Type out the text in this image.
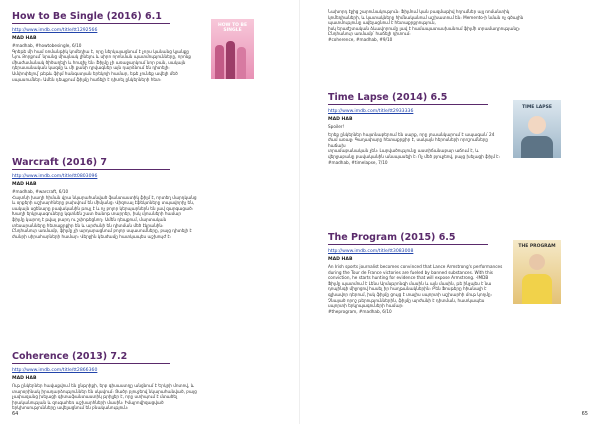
How to Be Single (2016) 6.1
http://www.imdb.com/title/tt1292566
MAD HAB

#madhab, #howtobesingle, 6/10

Գրեթե մի համ ռոմանթիկ կոմեդիա է, որը ներկայացնում է չորս կանանց կյանքը Նյու Յորքում՝ նրանց միայնակ լինելու և սիրո որոնման պատմությունները, որոնք

միաժամանակ ծիծաղելի և հուզիչ են։ Ֆիլմը չի առաջարկում նոր բան, սակայն դերասանական կազմը և մի քանի դրվագներ այն դարձնում են դիտելի։

Ամփոփելով՝ թեթև ֆիլմ հանգստյան երեկոյի համար, եթե չունեք ավելի մեծ սպասումներ։ Ամեն դեպքում ֆիլմը հաճելի է դիտել ընկերների հետ։

HOW TO BE SINGLE
Warcraft (2016) 7
http://www.imdb.com/title/tt0803096
MAD HAB

#madhab, #warcraft, 6/10

Հայտնի խաղի հիման վրա նկարահանված ֆանտաստիկ ֆիլմ է, որտեղ մարդկանց և օրքերի աշխարհները բախվում են միմյանց։ Վիզուալ էֆեկտները տպավորիչ են,

սակայն սցենարը բավականին թույլ է և ոչ բոլոր կերպարներն են լավ զարգացած։ Խաղի երկրպագուները կգտնեն շատ ծանոթ տարրեր, իսկ մյուսների համար

ֆիլմը կարող է թվալ բարդ ու շփոթեցնող։ Ամեն դեպքում, մարտական տեսարանները հետաքրքիր են և արժանի են դիտման մեծ էկրանին։

Ընդհանուր առմամբ, ֆիլմը չի արդարացնում բոլոր սպասումները, բայց դիտելի է ժանրի սիրահարների համար։ Վերջին կեսժամը հատկապես աշխույժ է։

Coherence (2013) 7.2
http://www.imdb.com/title/tt2866360
MAD HAB

Ութ ընկերներ հավաքվում են ընթրիքի, երբ գիսաստղը անցնում է Երկրի մոտով, և տարօրինակ իրադարձություններ են սկսվում։ Ցածր բյուջեով նկարահանված, բայց

չափազանց խելացի գիտաֆանտաստիկ թրիլլեր է, որը ստիպում է մտածել իրականության և զուգահեռ աշխարհների մասին։ Իմպրովիզացված երկխոսությունները ավելացնում են բնականություն։

64

Նախորդ էջից շարունակություն։ Ֆիլմում կան բազմաթիվ հղումներ այլ ռոմանտիկ կոմեդիաների, և կատակները հիմնականում աշխատում են։ Memento-ի նման ոչ գծային պատմությունը ավելացնում է հետաքրքրություն,

իսկ երաժշտական ձևավորումը լավ է համապատասխանում ֆիլմի տրամադրությանը։ Ընդհանուր առմամբ՝ հաճելի դիտում։

#coherence, #madhab, #9/10

Time Lapse (2014) 6.5
http://www.imdb.com/title/tt2933336
MAD HAB
Spoiler!

Երեք ընկերներ հայտնաբերում են սարք, որը լուսանկարում է ապագան՝ 24 ժամ առաջ։ Գաղափարը հետաքրքիր է, սակայն հերոսների որոշումները հաճախ

տրամաբանական չեն։ Լարվածությունը աստիճանաբար աճում է, և վերջաբանը բավականին անսպասելի է։ Ոչ մեծ բյուջեով, բայց խելացի ֆիլմ է։

#madhab, #timelapse, 7/10

TIME LAPSE
The Program (2015) 6.5
http://www.imdb.com/title/tt3083008
MAD HAB

An Irish sports journalist becomes convinced that Lance Armstrong's performances during the Tour de France victories are fueled by banned substances. With this conviction, he starts hunting for evidence that will expose Armstrong. -IMDB

Ֆիլմը պատմում է Լենս Արմսթրոնգի մասին և այն մասին, թե ինչպես է նա դոպինգի միջոցով հասել իր հաղթանակներին։ Բեն Ֆոսթերը հիանալի է գլխավոր դերում, իսկ ֆիլմը ցույց է տալիս սպորտի աշխարհի մութ կողմը։

Չնայած որոշ թերություններին, ֆիլմը արժանի է դիտման, հատկապես սպորտի երկրպագուների համար։

#theprogram, #madhab, 6/10

THE PROGRAM
65
